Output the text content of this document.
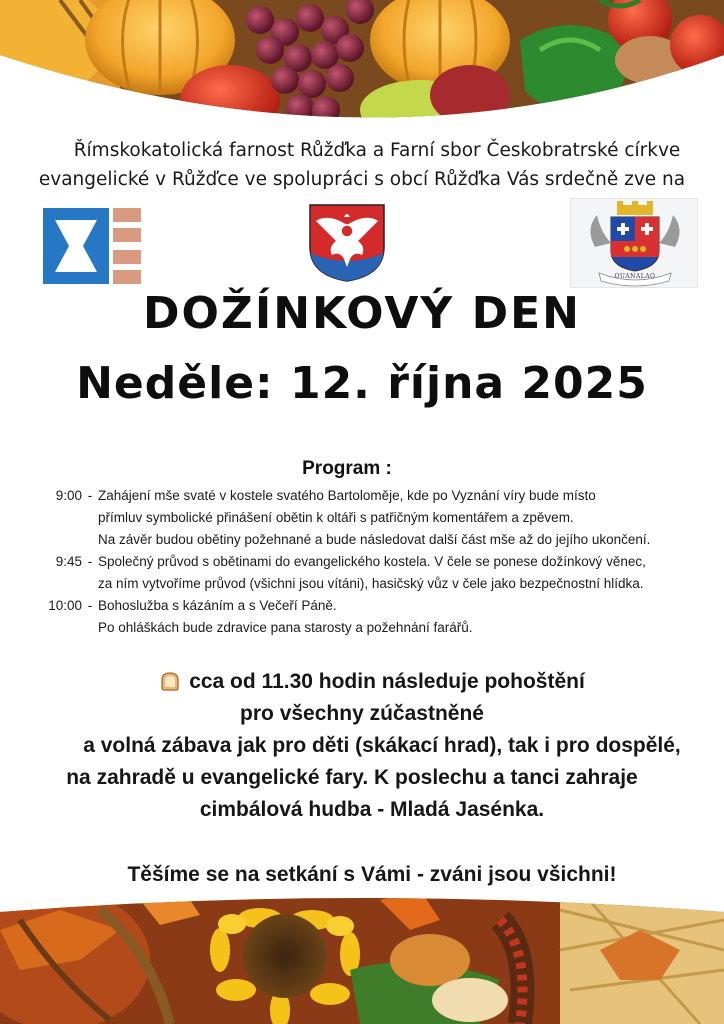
Římskokatolická farnost Růžďka a Farní sbor Českobratrské církve
evangelické v Růžďce ve spolupráci s obcí Růžďka Vás srdečně zve na
OUANALAO
DOŽÍNKOVÝ DEN
Neděle: 12. října 2025
Program :
9:00 - Zahájení mše svaté v kostele svatého Bartoloměje, kde po Vyznání víry bude místo
přímluv symbolické přinášení obětin k oltáři s patřičným komentářem a zpěvem.
Na závěr budou obětiny požehnané a bude následovat další část mše až do jejího ukončení.
9:45 - Společný průvod s obětinami do evangelického kostela. V čele se ponese dožínkový věnec,
za ním vytvoříme průvod (všichni jsou vítáni), hasičský vůz v čele jako bezpečnostní hlídka.
10:00 - Bohoslužba s kázáním a s Večeří Páně.
Po ohláškách bude zdravice pana starosty a požehnání farářů.
cca od 11.30 hodin následuje pohoštění
pro všechny zúčastněné
a volná zábava jak pro děti (skákací hrad), tak i pro dospělé,
na zahradě u evangelické fary. K poslechu a tanci zahraje
cimbálová hudba - Mladá Jasénka.
Těšíme se na setkání s Vámi - zváni jsou všichni!
